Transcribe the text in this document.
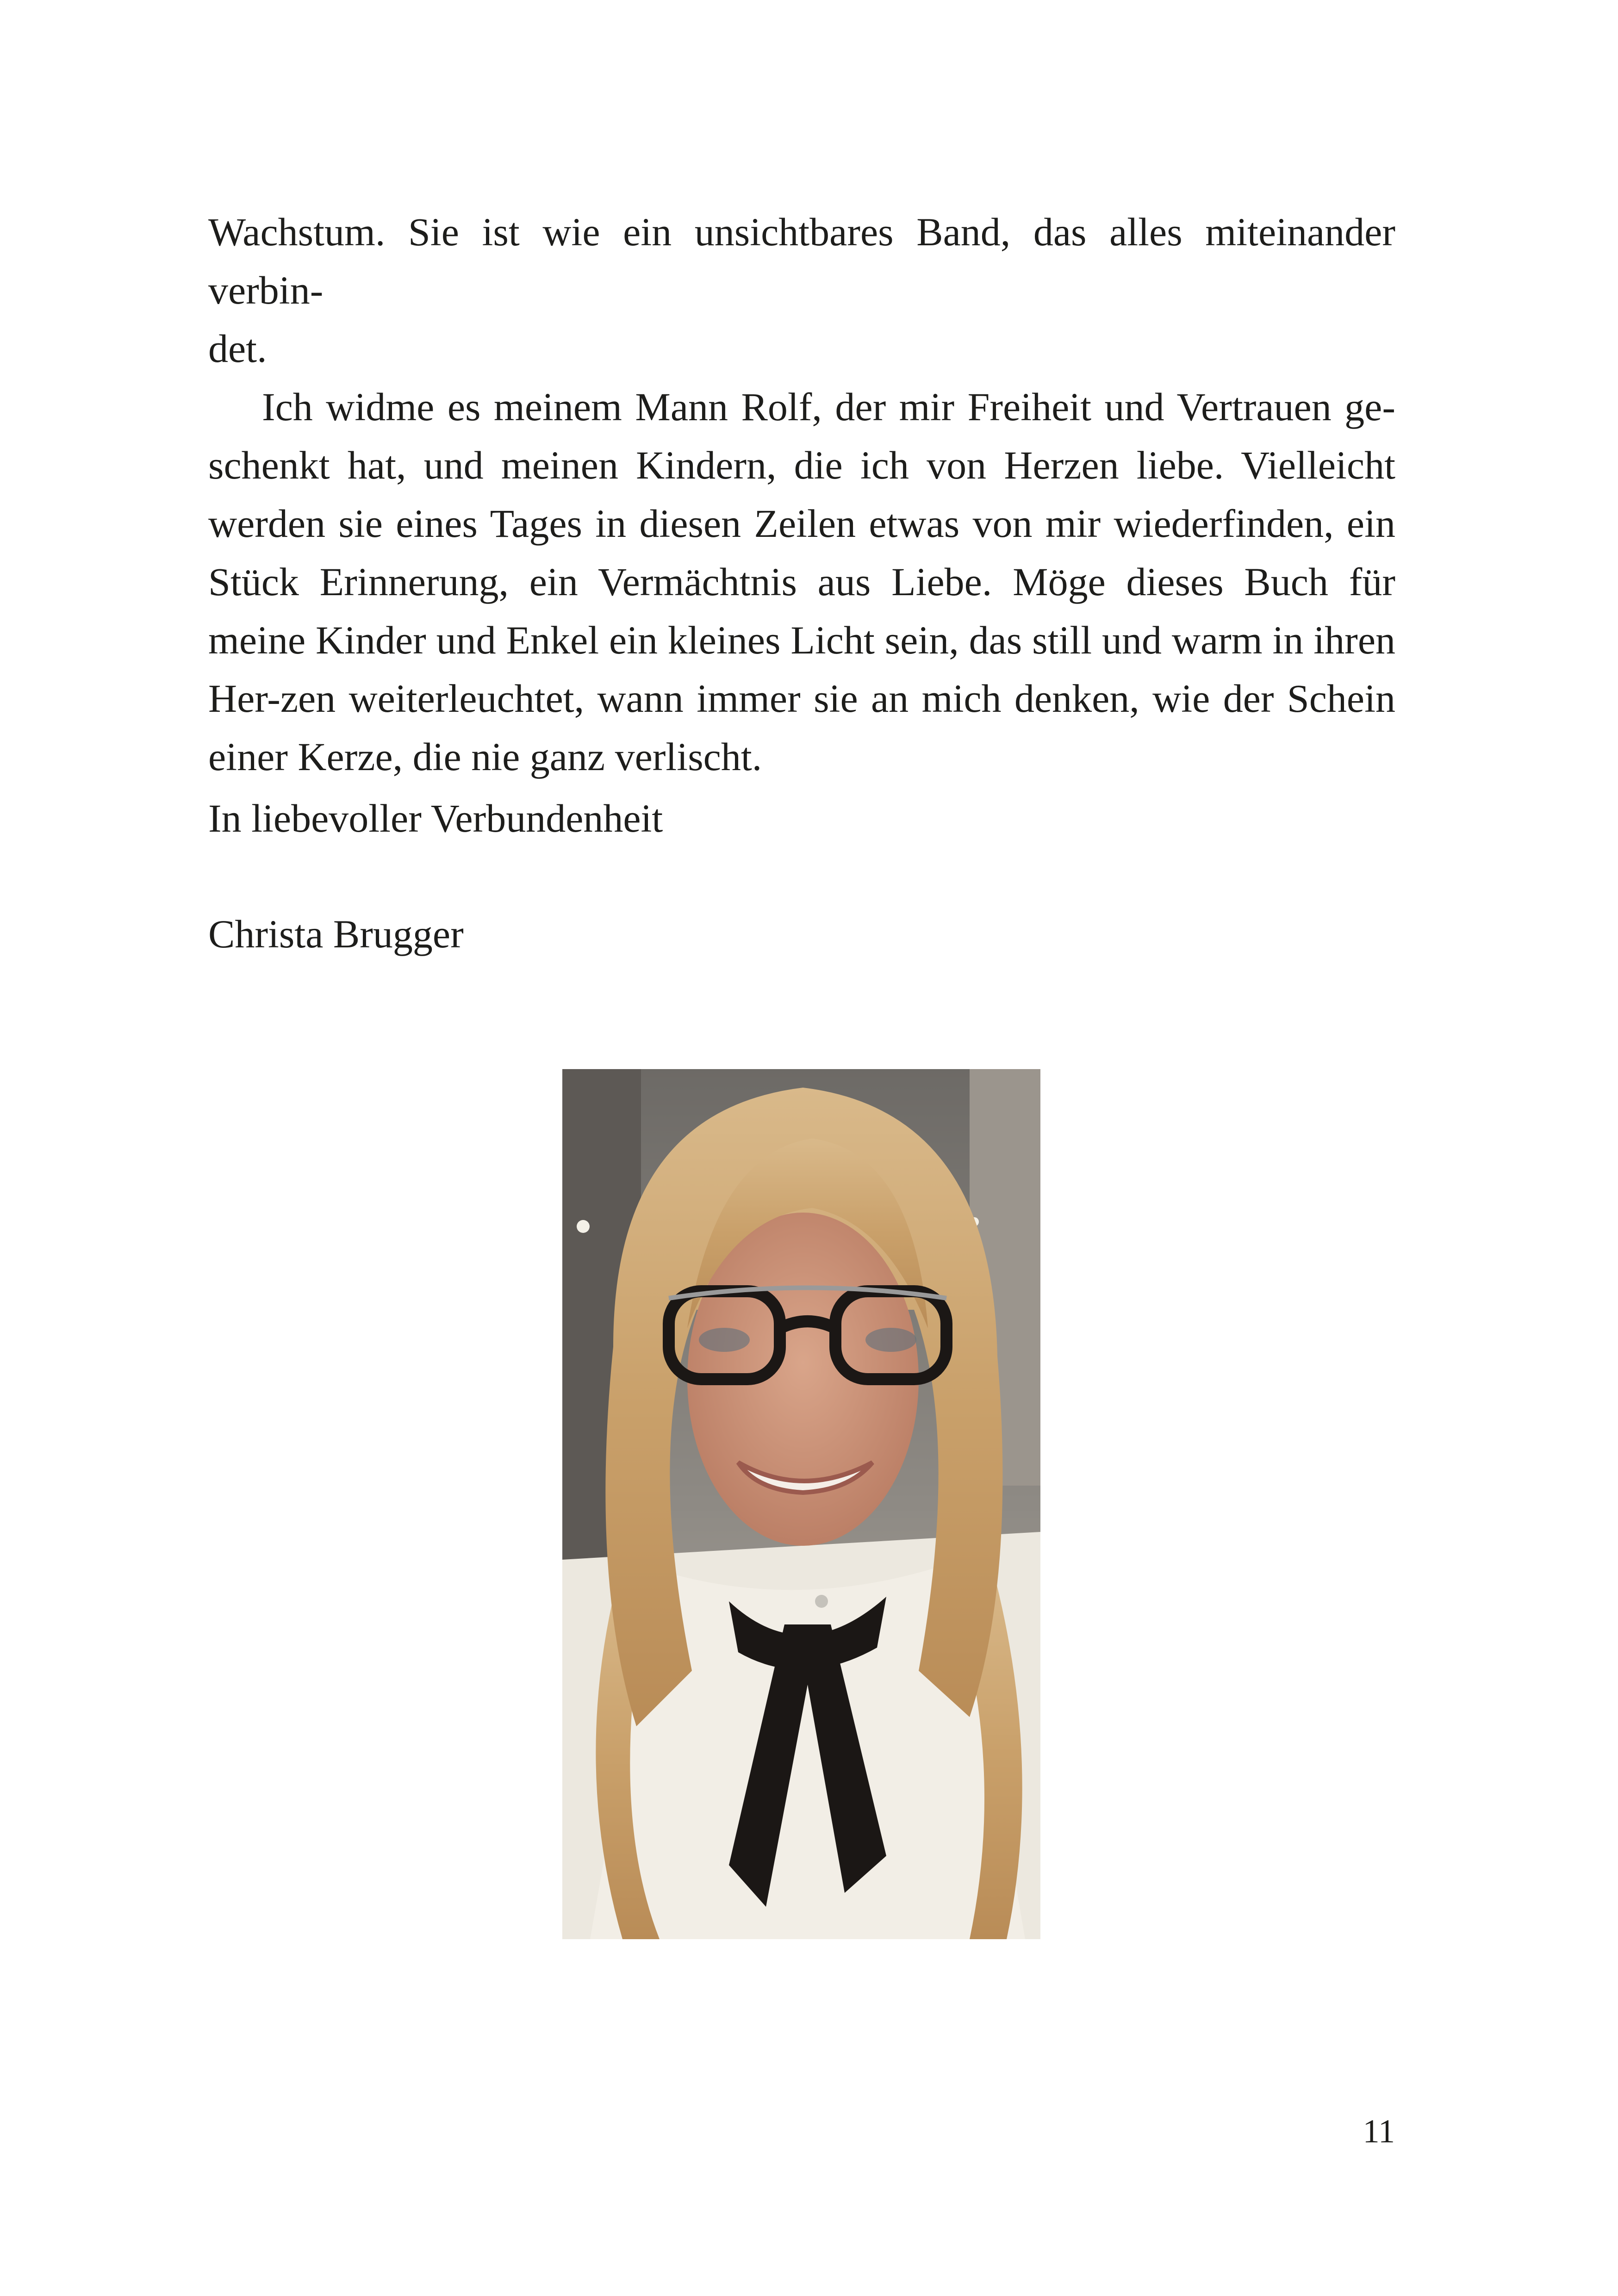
Wachstum. Sie ist wie ein unsichtbares Band, das alles miteinander verbin-
det.

Ich widme es meinem Mann Rolf, der mir Freiheit und Vertrauen ge-schenkt hat, und meinen Kindern, die ich von Herzen liebe. Vielleicht werden sie eines Tages in diesen Zeilen etwas von mir wiederfinden, ein Stück Erinnerung, ein Vermächtnis aus Liebe. Möge dieses Buch für meine Kinder und Enkel ein kleines Licht sein, das still und warm in ihren Her-zen weiterleuchtet, wann immer sie an mich denken, wie der Schein einer Kerze, die nie ganz verlischt.

In liebevoller Verbundenheit

Christa Brugger

11
